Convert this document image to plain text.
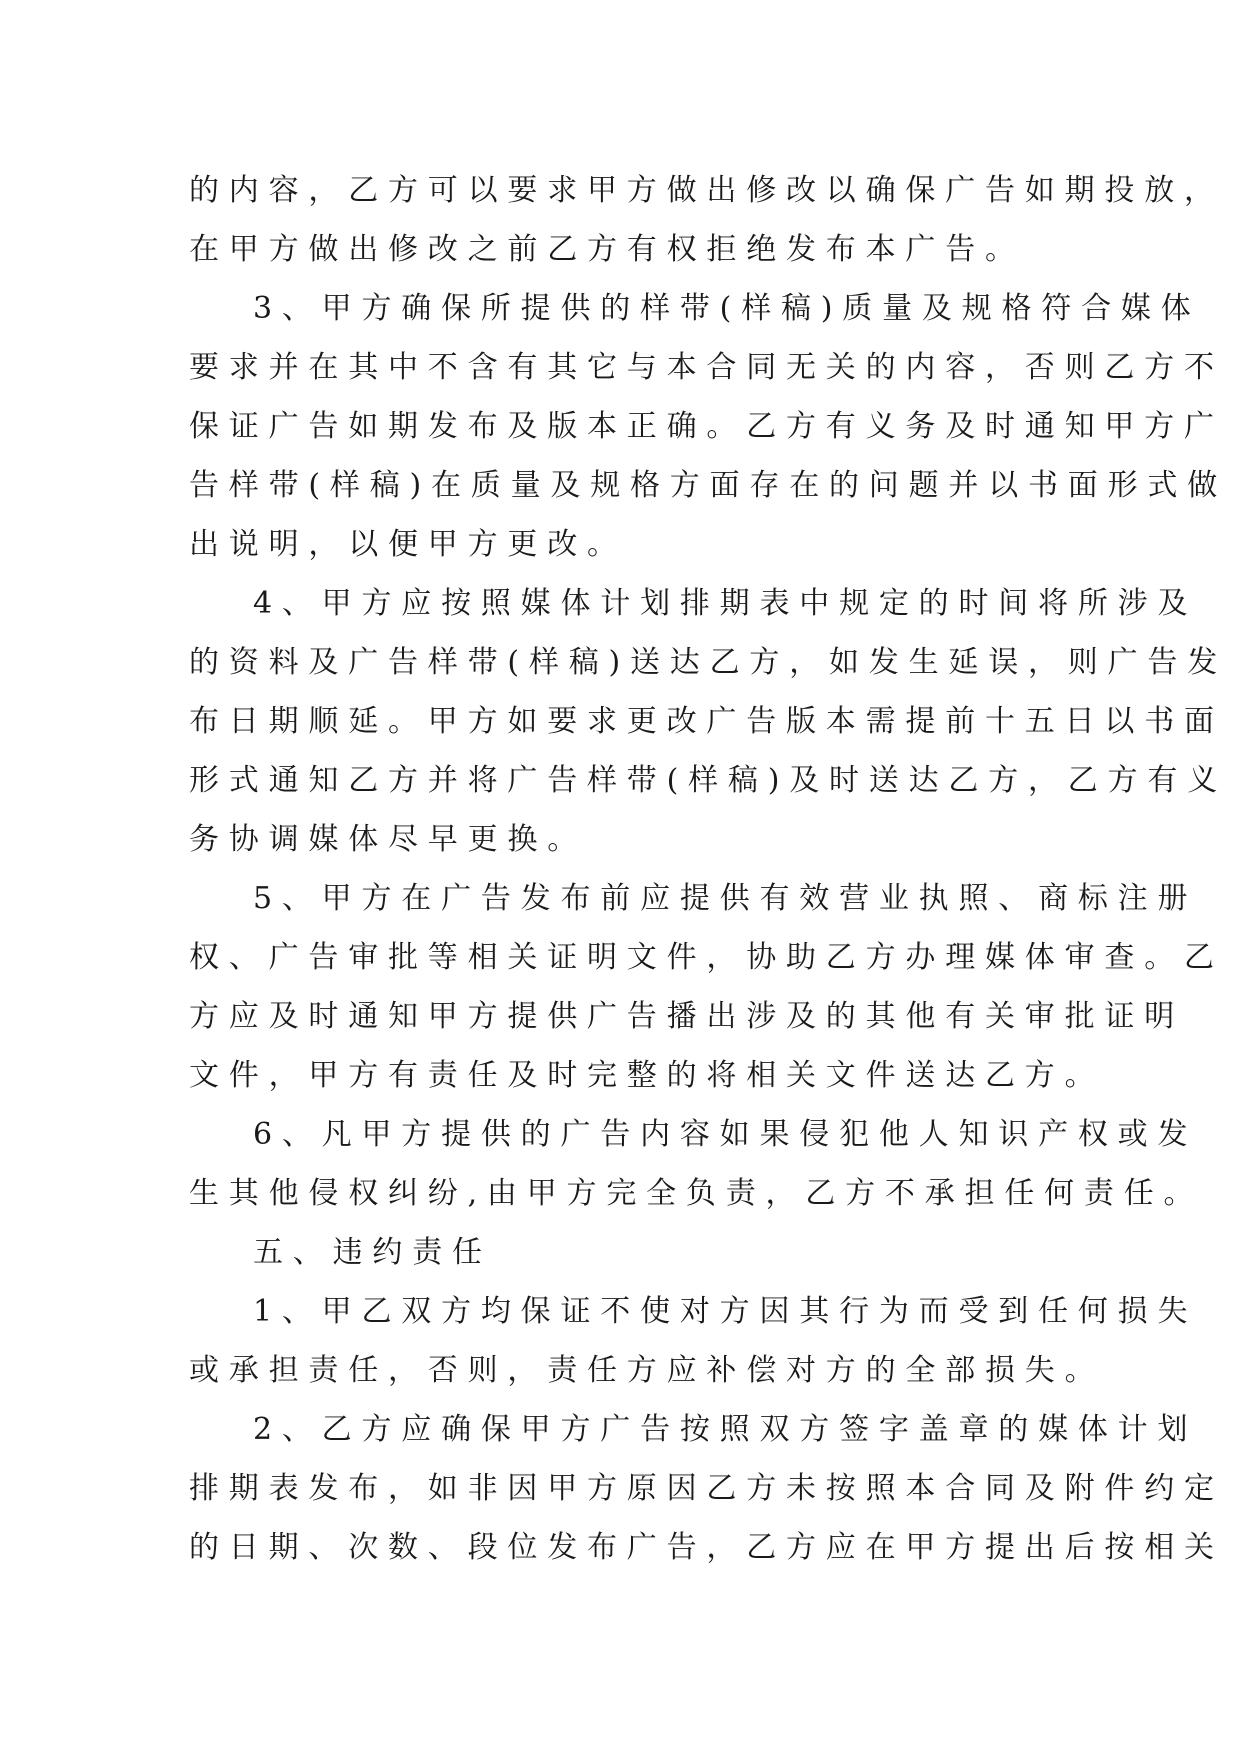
的内容，乙方可以要求甲方做出修改以确保广告如期投放，
在甲方做出修改之前乙方有权拒绝发布本广告。
3、甲方确保所提供的样带(样稿)质量及规格符合媒体
要求并在其中不含有其它与本合同无关的内容，否则乙方不
保证广告如期发布及版本正确。乙方有义务及时通知甲方广
告样带(样稿)在质量及规格方面存在的问题并以书面形式做
出说明，以便甲方更改。
4、甲方应按照媒体计划排期表中规定的时间将所涉及
的资料及广告样带(样稿)送达乙方，如发生延误，则广告发
布日期顺延。甲方如要求更改广告版本需提前十五日以书面
形式通知乙方并将广告样带(样稿)及时送达乙方，乙方有义
务协调媒体尽早更换。
5、甲方在广告发布前应提供有效营业执照、商标注册
权、广告审批等相关证明文件，协助乙方办理媒体审查。乙
方应及时通知甲方提供广告播出涉及的其他有关审批证明
文件，甲方有责任及时完整的将相关文件送达乙方。
6、凡甲方提供的广告内容如果侵犯他人知识产权或发
生其他侵权纠纷,由甲方完全负责，乙方不承担任何责任。
五、违约责任
1、甲乙双方均保证不使对方因其行为而受到任何损失
或承担责任，否则，责任方应补偿对方的全部损失。
2、乙方应确保甲方广告按照双方签字盖章的媒体计划
排期表发布，如非因甲方原因乙方未按照本合同及附件约定
的日期、次数、段位发布广告，乙方应在甲方提出后按相关
